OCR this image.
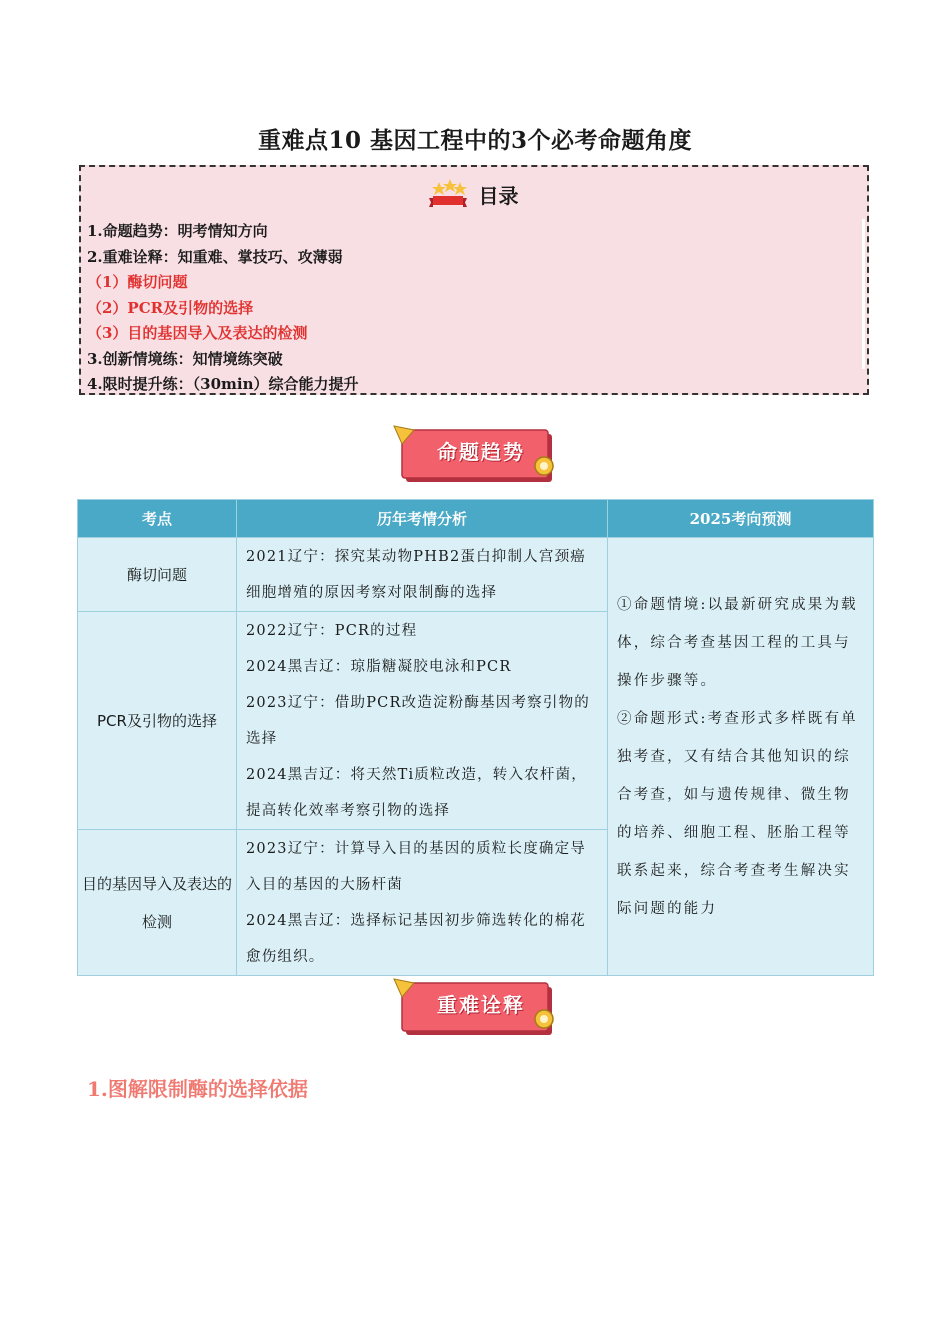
重难点10 基因工程中的3个必考命题角度
目录
1.命题趋势：明考情知方向
2.重难诠释：知重难、掌技巧、攻薄弱
（1）酶切问题
（2）PCR及引物的选择
（3）目的基因导入及表达的检测
3.创新情境练：知情境练突破
4.限时提升练：（30min）综合能力提升
命题趋势
考点	历年考情分析	2025考向预测
酶切问题	2021辽宁：探究某动物PHB2蛋白抑制人宫颈癌细胞增殖的原因考察对限制酶的选择	①命题情境:以最新研究成果为载体，综合考查基因工程的工具与操作步骤等。

②命题形式:考查形式多样既有单独考查，又有结合其他知识的综合考查，如与遗传规律、微生物的培养、细胞工程、胚胎工程等联系起来，综合考查考生解决实际问题的能力

PCR及引物的选择	2022辽宁：PCR的过程

2024黑吉辽：琼脂糖凝胶电泳和PCR

2023辽宁：借助PCR改造淀粉酶基因考察引物的选择

2024黑吉辽：将天然Ti质粒改造，转入农杆菌，提高转化效率考察引物的选择	

目的基因导入及表达的检测	2023辽宁：计算导入目的基因的质粒长度确定导入目的基因的大肠杆菌

2024黑吉辽：选择标记基因初步筛选转化的棉花愈伤组织。	

重难诠释
1.图解限制酶的选择依据
